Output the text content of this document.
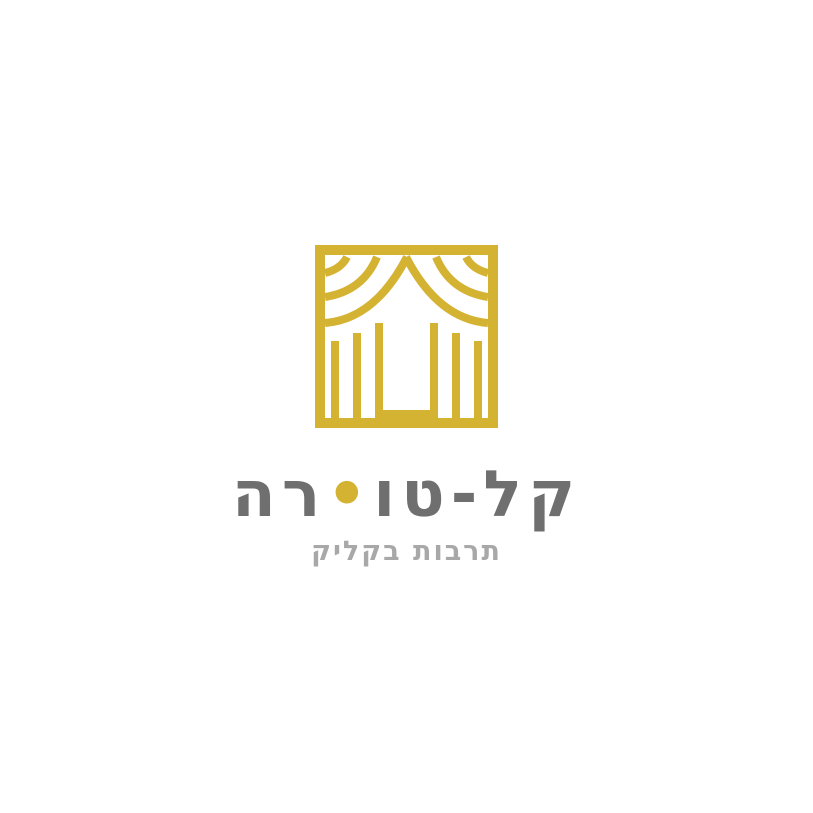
קל-טו•רה
תרבות בקליק
